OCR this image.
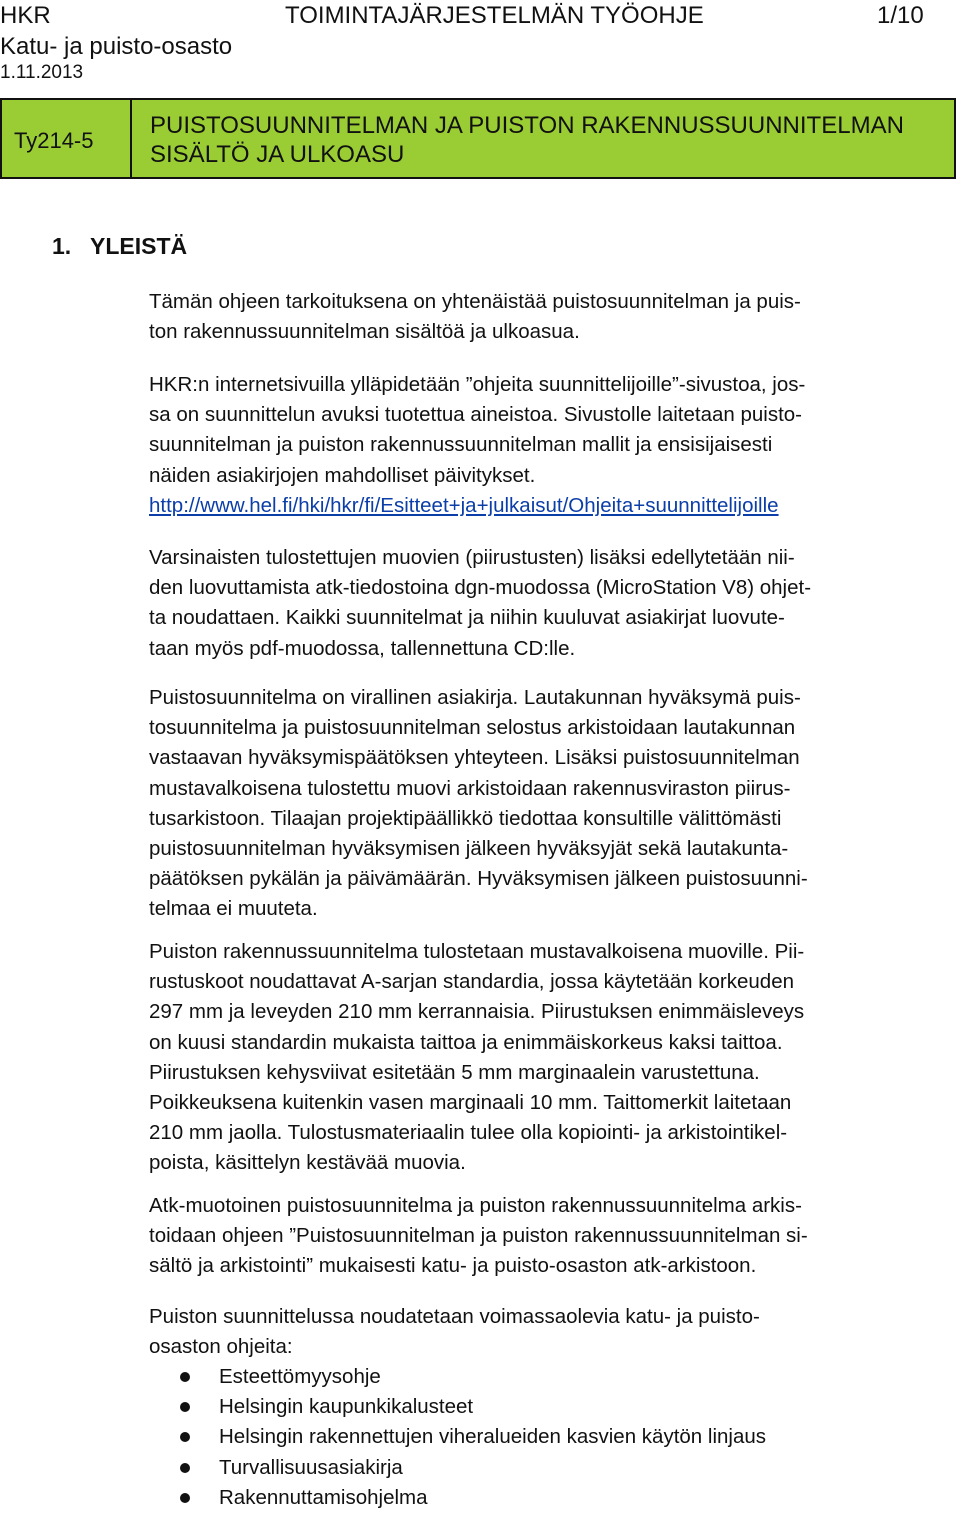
HKR	TOIMINTAJÄRJESTELMÄN TYÖOHJE	1/10
Katu- ja puisto-osasto
1.11.2013
Ty214-5
PUISTOSUUNNITELMAN JA PUISTON RAKENNUSSUUNNITELMAN
SISÄLTÖ JA ULKOASU
1. YLEISTÄ

Tämän ohjeen tarkoituksena on yhtenäistää puistosuunnitelman ja puis-

ton rakennussuunnitelman sisältöä ja ulkoasua.

HKR:n internetsivuilla ylläpidetään ”ohjeita suunnittelijoille”-sivustoa, jos-

sa on suunnittelun avuksi tuotettua aineistoa. Sivustolle laitetaan puisto-

suunnitelman ja puiston rakennussuunnitelman mallit ja ensisijaisesti

näiden asiakirjojen mahdolliset päivitykset.

http://www.hel.fi/hki/hkr/fi/Esitteet+ja+julkaisut/Ohjeita+suunnittelijoille

Varsinaisten tulostettujen muovien (piirustusten) lisäksi edellytetään nii-

den luovuttamista atk-tiedostoina dgn-muodossa (MicroStation V8) ohjet-

ta noudattaen. Kaikki suunnitelmat ja niihin kuuluvat asiakirjat luovute-

taan myös pdf-muodossa, tallennettuna CD:lle.

Puistosuunnitelma on virallinen asiakirja. Lautakunnan hyväksymä puis-

tosuunnitelma ja puistosuunnitelman selostus arkistoidaan lautakunnan

vastaavan hyväksymispäätöksen yhteyteen. Lisäksi puistosuunnitelman

mustavalkoisena tulostettu muovi arkistoidaan rakennusviraston piirus-

tusarkistoon. Tilaajan projektipäällikkö tiedottaa konsultille välittömästi

puistosuunnitelman hyväksymisen jälkeen hyväksyjät sekä lautakunta-

päätöksen pykälän ja päivämäärän. Hyväksymisen jälkeen puistosuunni-

telmaa ei muuteta.

Puiston rakennussuunnitelma tulostetaan mustavalkoisena muoville. Pii-

rustuskoot noudattavat A-sarjan standardia, jossa käytetään korkeuden

297 mm ja leveyden 210 mm kerrannaisia. Piirustuksen enimmäisleveys

on kuusi standardin mukaista taittoa ja enimmäiskorkeus kaksi taittoa.

Piirustuksen kehysviivat esitetään 5 mm marginaalein varustettuna.

Poikkeuksena kuitenkin vasen marginaali 10 mm. Taittomerkit laitetaan

210 mm jaolla. Tulostusmateriaalin tulee olla kopiointi- ja arkistointikel-

poista, käsittelyn kestävää muovia.

Atk-muotoinen puistosuunnitelma ja puiston rakennussuunnitelma arkis-

toidaan ohjeen ”Puistosuunnitelman ja puiston rakennussuunnitelman si-

sältö ja arkistointi” mukaisesti katu- ja puisto-osaston atk-arkistoon.

Puiston suunnittelussa noudatetaan voimassaolevia katu- ja puisto-

osaston ohjeita:

Esteettömyysohje
Helsingin kaupunkikalusteet
Helsingin rakennettujen viheralueiden kasvien käytön linjaus
Turvallisuusasiakirja
Rakennuttamisohjelma
